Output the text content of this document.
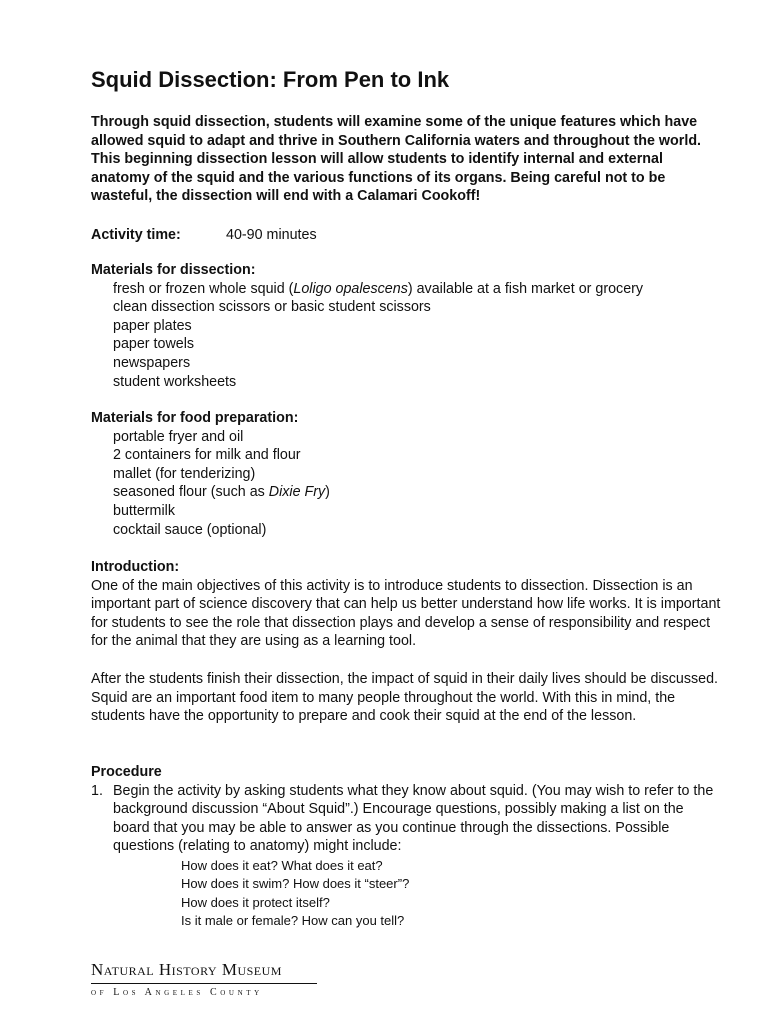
Squid Dissection: From Pen to Ink

Through squid dissection, students will examine some of the unique features which have allowed squid to adapt and thrive in Southern California waters and throughout the world. This beginning dissection lesson will allow students to identify internal and external anatomy of the squid and the various functions of its organs. Being careful not to be wasteful, the dissection will end with a Calamari Cookoff!

Activity time:	40-90 minutes
Materials for dissection:
fresh or frozen whole squid (Loligo opalescens) available at a fish market or grocery
clean dissection scissors or basic student scissors
paper plates
paper towels
newspapers
student worksheets
Materials for food preparation:
portable fryer and oil
2 containers for milk and flour
mallet (for tenderizing)
seasoned flour (such as Dixie Fry)
buttermilk
cocktail sauce (optional)
Introduction:

One of the main objectives of this activity is to introduce students to dissection. Dissection is an important part of science discovery that can help us better understand how life works. It is important for students to see the role that dissection plays and develop a sense of responsibility and respect for the animal that they are using as a learning tool.

After the students finish their dissection, the impact of squid in their daily lives should be discussed. Squid are an important food item to many people throughout the world. With this in mind, the students have the opportunity to prepare and cook their squid at the end of the lesson.

Procedure
1. Begin the activity by asking students what they know about squid. (You may wish to refer to the background discussion “About Squid”.) Encourage questions, possibly making a list on the board that you may be able to answer as you continue through the dissections. Possible questions (relating to anatomy) might include:
How does it eat? What does it eat?
How does it swim? How does it “steer”?
How does it protect itself?
Is it male or female? How can you tell?
Natural History Museum
of Los Angeles County
